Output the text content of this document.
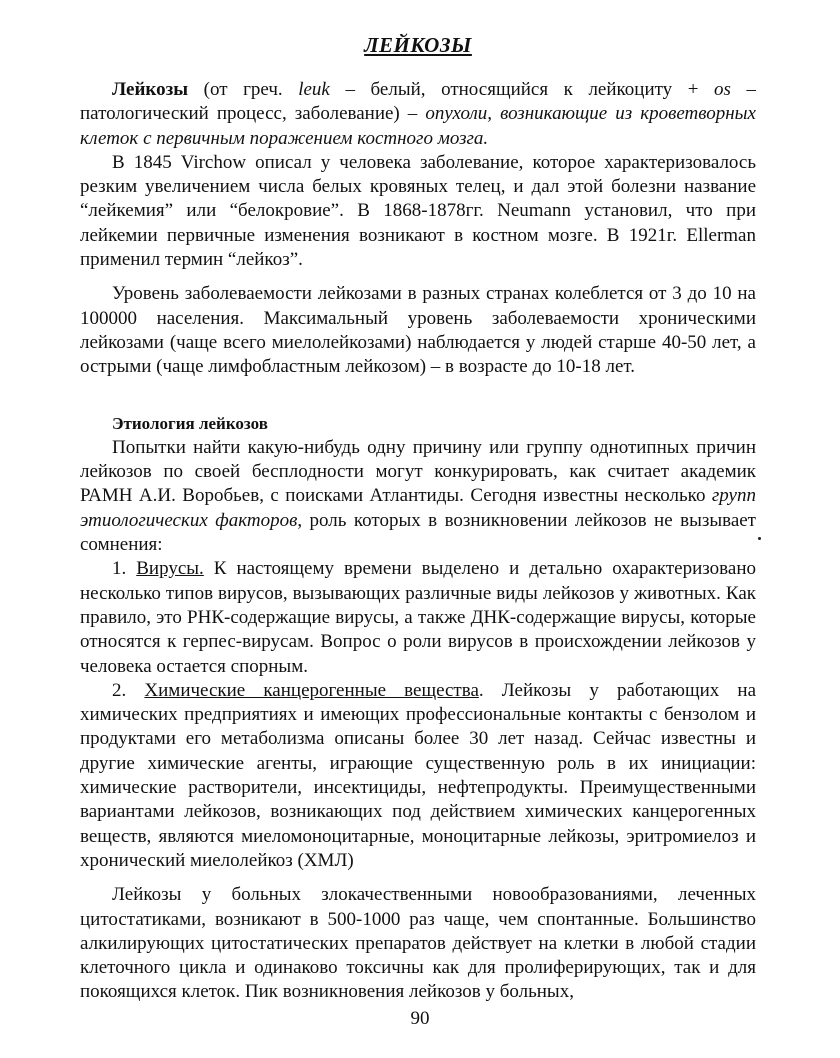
ЛЕЙКОЗЫ

Лейкозы (от греч. leuk – белый, относящийся к лейкоциту + os – патологический процесс, заболевание) – опухоли, возникающие из кроветворных клеток с первичным поражением костного мозга.

В 1845 Virchow описал у человека заболевание, которое характеризовалось резким увеличением числа белых кровяных телец, и дал этой болезни название “лейкемия” или “белокровие”. В 1868-1878гг. Neumann установил, что при лейкемии первичные изменения возникают в костном мозге. В 1921г. Ellerman применил термин “лейкоз”.

Уровень заболеваемости лейкозами в разных странах колеблется от 3 до 10 на 100000 населения. Максимальный уровень заболеваемости хроническими лейкозами (чаще всего миелолейкозами) наблюдается у людей старше 40-50 лет, а острыми (чаще лимфобластным лейкозом) – в возрасте до 10-18 лет.

Этиология лейкозов

Попытки найти какую-нибудь одну причину или группу однотипных причин лейкозов по своей бесплодности могут конкурировать, как считает академик РАМН А.И. Воробьев, с поисками Атлантиды. Сегодня известны несколько групп этиологических факторов, роль которых в возникновении лейкозов не вызывает сомнения:

1. Вирусы. К настоящему времени выделено и детально охарактеризовано несколько типов вирусов, вызывающих различные виды лейкозов у животных. Как правило, это РНК-содержащие вирусы, а также ДНК-содержащие вирусы, которые относятся к герпес-вирусам. Вопрос о роли вирусов в происхождении лейкозов у человека остается спорным.

2. Химические канцерогенные вещества. Лейкозы у работающих на химических предприятиях и имеющих профессиональные контакты с бензолом и продуктами его метаболизма описаны более 30 лет назад. Сейчас известны и другие химические агенты, играющие существенную роль в их инициации: химические растворители, инсектициды, нефтепродукты. Преимущественными вариантами лейкозов, возникающих под действием химических канцерогенных веществ, являются миеломоноцитарные, моноцитарные лейкозы, эритромиелоз и хронический миелолейкоз (ХМЛ)

Лейкозы у больных злокачественными новообразованиями, леченных цитостатиками, возникают в 500-1000 раз чаще, чем спонтанные. Большинство алкилирующих цитостатических препаратов действует на клетки в любой стадии клеточного цикла и одинаково токсичны как для пролиферирующих, так и для покоящихся клеток. Пик возникновения лейкозов у больных,

90
